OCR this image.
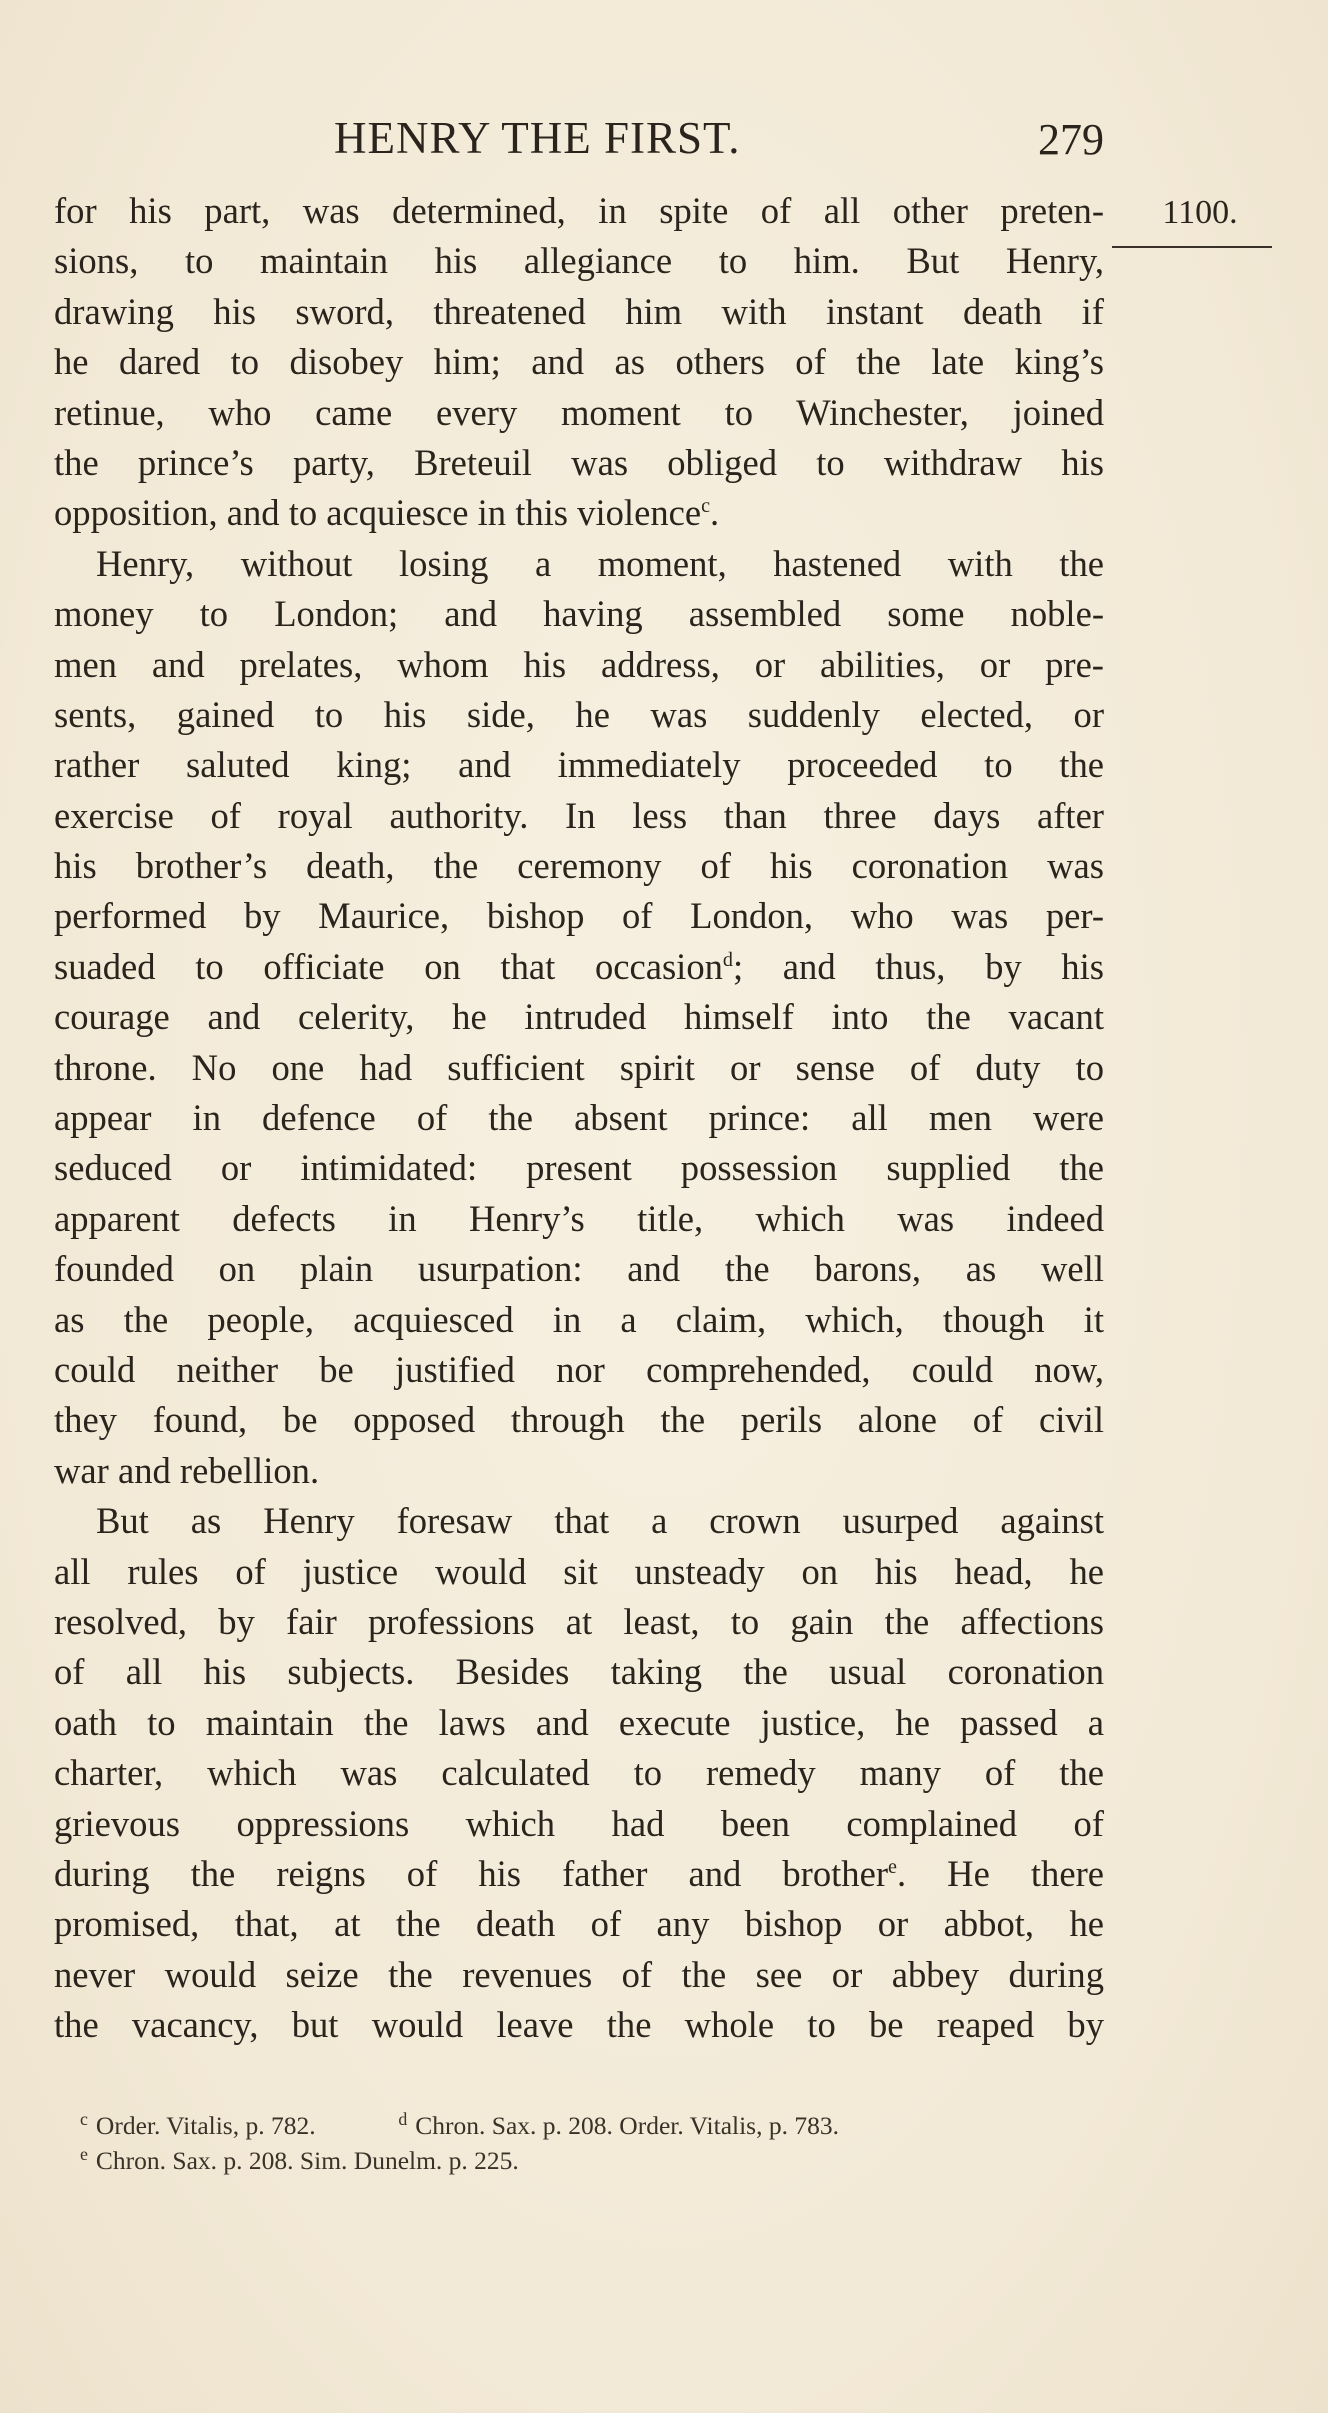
HENRY THE FIRST.	279
1100.
for his part, was determined, in spite of all other preten-
sions, to maintain his allegiance to him. But Henry,
drawing his sword, threatened him with instant death if
he dared to disobey him; and as others of the late king’s
retinue, who came every moment to Winchester, joined
the prince’s party, Breteuil was obliged to withdraw his
opposition, and to acquiesce in this violence$^c$.
Henry, without losing a moment, hastened with the
money to London; and having assembled some noble-
men and prelates, whom his address, or abilities, or pre-
sents, gained to his side, he was suddenly elected, or
rather saluted king; and immediately proceeded to the
exercise of royal authority. In less than three days after
his brother’s death, the ceremony of his coronation was
performed by Maurice, bishop of London, who was per-
suaded to officiate on that occasion$^d$; and thus, by his
courage and celerity, he intruded himself into the vacant
throne. No one had sufficient spirit or sense of duty to
appear in defence of the absent prince: all men were
seduced or intimidated: present possession supplied the
apparent defects in Henry’s title, which was indeed
founded on plain usurpation: and the barons, as well
as the people, acquiesced in a claim, which, though it
could neither be justified nor comprehended, could now,
they found, be opposed through the perils alone of civil
war and rebellion.
But as Henry foresaw that a crown usurped against
all rules of justice would sit unsteady on his head, he
resolved, by fair professions at least, to gain the affections
of all his subjects. Besides taking the usual coronation
oath to maintain the laws and execute justice, he passed a
charter, which was calculated to remedy many of the
grievous oppressions which had been complained of
during the reigns of his father and brother$^e$. He there
promised, that, at the death of any bishop or abbot, he
never would seize the revenues of the see or abbey during
the vacancy, but would leave the whole to be reaped by
$^c$ Order. Vitalis, p. 782.	$^d$ Chron. Sax. p. 208. Order. Vitalis, p. 783.
$^e$ Chron. Sax. p. 208. Sim. Dunelm. p. 225.
